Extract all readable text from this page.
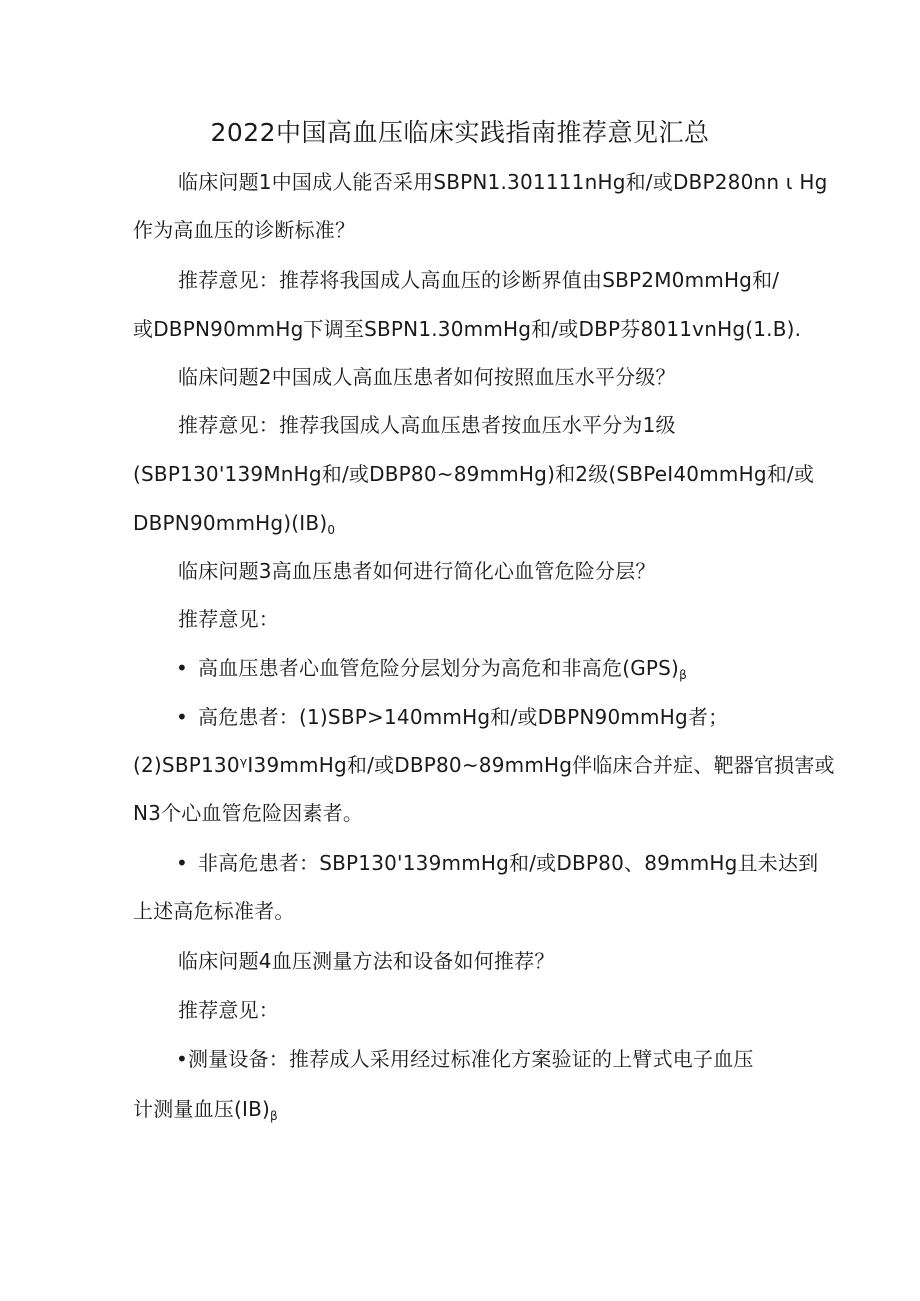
2022中国高血压临床实践指南推荐意见汇总
临床问题1中国成人能否采用SBPN1.301111nHg和/或DBP280nn ι Hg
作为高血压的诊断标准？
推荐意见：推荐将我国成人高血压的诊断界值由SBP2M0mmHg和/
或DBPN90mmHg下调至SBPN1.30mmHg和/或DBP芬8011vnHg(1.B).
临床问题2中国成人高血压患者如何按照血压水平分级？
推荐意见：推荐我国成人高血压患者按血压水平分为1级
(SBP130'139MnHg和/或DBP80~89mmHg)和2级(SBPeI40mmHg和/或
$DBPN90mmHg)(IB)_0$
临床问题3高血压患者如何进行简化心血管危险分层？
推荐意见：
• 高血压患者心血管危险分层划分为高危和非高危$(GPS)_\beta$
• 高危患者：(1)SBP>140mmHg和/或DBPN90mmHg者；
(2)SBP130ᵞI39mmHg和/或DBP80~89mmHg伴临床合并症、靶器官损害或
N3个心血管危险因素者。
• 非高危患者：SBP130'139mmHg和/或DBP80、89mmHg且未达到
上述高危标准者。
临床问题4血压测量方法和设备如何推荐？
推荐意见：
•测量设备：推荐成人采用经过标准化方案验证的上臂式电子血压
计测量血压$(IB)_\beta$
